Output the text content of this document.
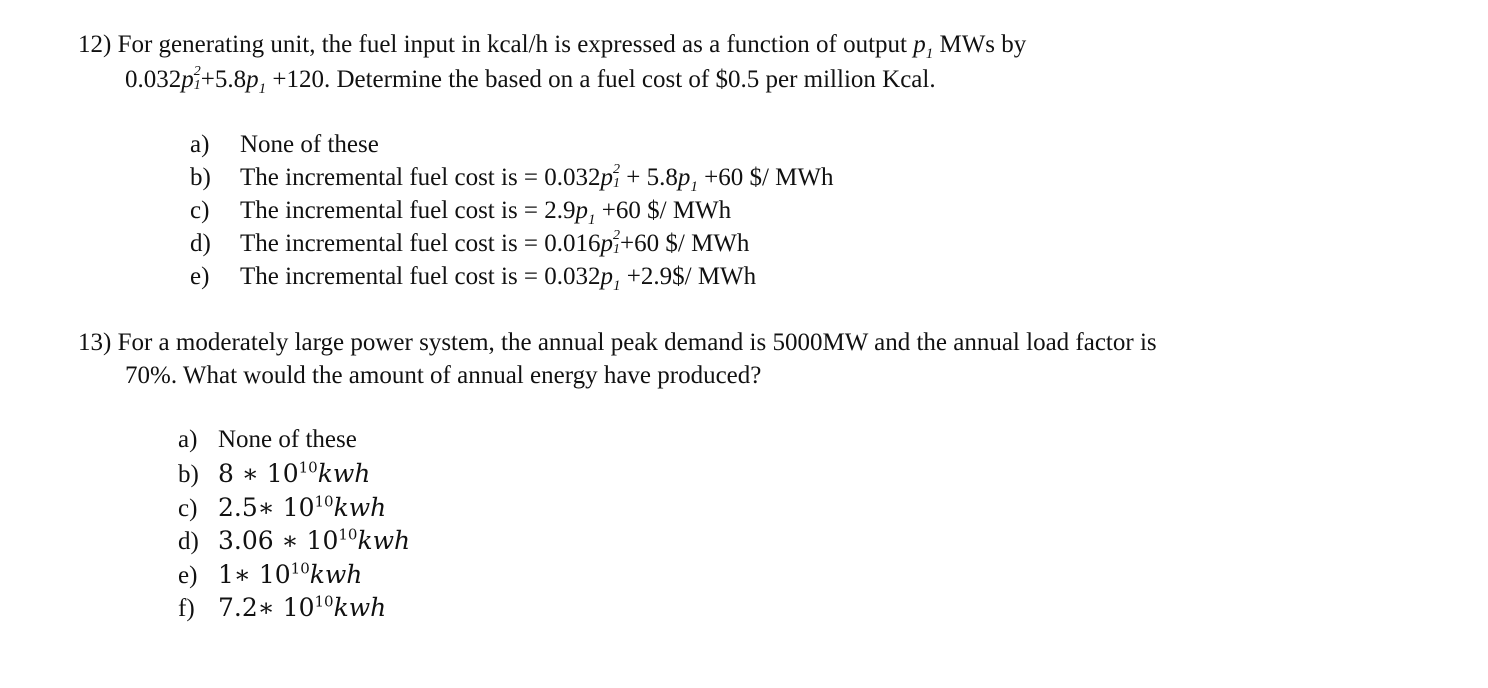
12) For generating unit, the fuel input in kcal/h is expressed as a function of output $p_1$ MWs by
0.032p 2
$1 +5.8p_1 +120$. Determine the based on a fuel cost of $0.5 per million Kcal.
a) None of these
b) The incremental fuel cost is = 0.032p 2
$1 + 5.8p_1 +60$ $/ MWh
c) The incremental fuel cost is = $2.9p_1 +60$ $/ MWh
d) The incremental fuel cost is = 0.016p 2
1 +60 $/ MWh
e) The incremental fuel cost is = $0.032p_1$ +2.9$/ MWh
13) For a moderately large power system, the annual peak demand is 5000MW and the annual load factor is
70%. What would the amount of annual energy have produced?
a) None of these
b) 8 ∗ $10^{10}kwh$
c) 2.5∗ $10^{10}kwh$
d) 3.06 ∗ $10^{10}kwh$
e) 1∗ $10^{10}kwh$
f) 7.2∗ $10^{10}kwh$
